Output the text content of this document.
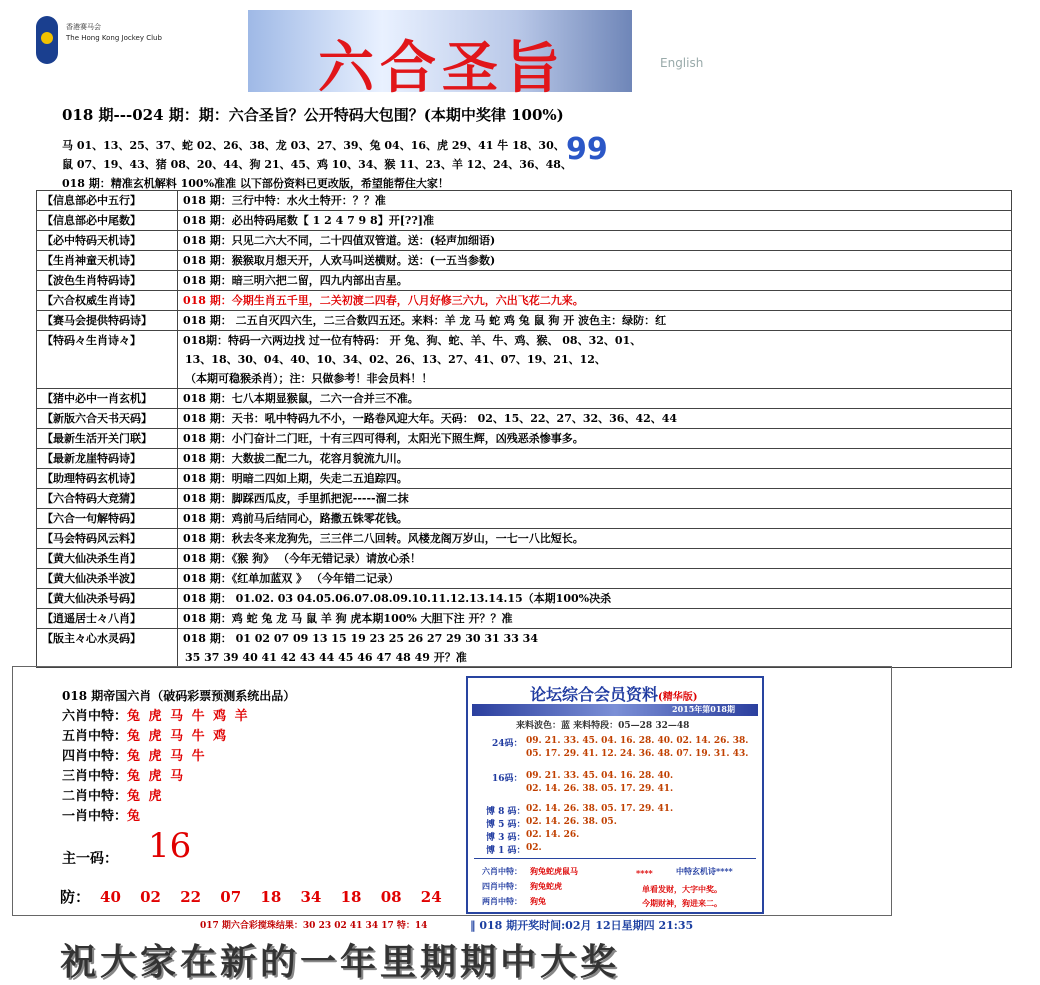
香港赛马会
The Hong Kong Jockey Club	六合圣旨	English
018 期---024 期：期：六合圣旨？公开特码大包围？(本期中奖律 100%)
马 01、13、25、37、蛇 02、26、38、龙 03、27、39、兔 04、16、虎 29、41 牛 18、30、
鼠 07、19、43、猪 08、20、44、狗 21、45、鸡 10、34、猴 11、23、羊 12、24、36、48、
99
018 期：精准玄机解料 100%准准 以下部份资料已更改版，希望能帮住大家！
【信息部必中五行】	018 期：三行中特：水火土特开：？？准

【信息部必中尾数】	018 期：必出特码尾数【 1 2 4 7 9 8】开[??]准

【必中特码天机诗】	018 期：只见二六大不同，二十四值双管道。送：(轻声加细语)

【生肖神童天机诗】	018 期：猴猴取月想天开，人欢马叫送横财。送：(一五当参数)

【波色生肖特码诗】	018 期：暗三明六把二留，四九内部出吉星。

【六合权威生肖诗】	018 期：今期生肖五千里，二关初渡二四春，八月好修三六九，六出飞花二九来。

【赛马会提供特码诗】	018 期： 二五自灭四六生，二三合数四五还。来料：羊 龙 马 蛇 鸡 兔 鼠 狗 开 波色主：绿防：红

【特码々生肖诗々】	018期：特码一六两边找 过一位有特码： 开 兔、狗、蛇、羊、牛、鸡、猴、 08、32、01、
13、18、30、04、40、10、34、02、26、13、27、41、07、19、21、12、
（本期可稳猴杀肖）；注：只做参考！非会员料！！

【猪中必中一肖玄机】	018 期：七八本期显猴鼠，二六一合并三不准。

【新版六合天书天码】	018 期：天书：吼中特码九不小，一路卷风迎大年。天码： 02、15、22、27、32、36、42、44

【最新生活开关门联】	018 期：小门奋计二门旺，十有三四可得利，太阳光下照生辉，凶残恶杀惨事多。

【最新龙崖特码诗】	018 期：大数拔二配二九，花容月貌流九川。

【助理特码玄机诗】	018 期：明暗二四如上期，失走二五追踪四。

【六合特码大竞猜】	018 期：脚踩西瓜皮，手里抓把泥-----溜二抹

【六合一句解特码】	018 期：鸡前马后结同心，路撒五铢零花钱。

【马会特码风云料】	018 期：秋去冬来龙狗先，三三伴二八回转。风楼龙阁万岁山，一七一八比短长。

【黄大仙决杀生肖】	018 期：《猴 狗》 （今年无错记录）请放心杀！

【黄大仙决杀半波】	018 期：《红单加蓝双 》 （今年错二记录）

【黄大仙决杀号码】	018 期： 01.02. 03 04.05.06.07.08.09.10.11.12.13.14.15（本期100%决杀

【逍遥居士々八肖】	018 期：鸡 蛇 兔 龙 马 鼠 羊 狗 虎本期100% 大胆下注 开？？准

【版主々心水灵码】	018 期： 01 02 07 09 13 15 19 23 25 26 27 29 30 31 33 34
35 37 39 40 41 42 43 44 45 46 47 48 49 开？准
018 期帝国六肖（破码彩票预测系统出品）
六肖中特：兔 虎 马 牛 鸡 羊
五肖中特：兔 虎 马 牛 鸡
四肖中特：兔 虎 马 牛
三肖中特：兔 虎 马
二肖中特：兔 虎
一肖中特：兔
主一码： 16
防： 40 02 22 07 18 34 18 08 24
017 期六合彩搅珠结果：30 23 02 41 34 17 特：14	‖ 018 期开奖时间:02月 12日星期四 21:35
论坛综合会员资料(精华版)
2015年第018期
来料波色：蓝 来料特段：05—28 32—48
24码： 09. 21. 33. 45. 04. 16. 28. 40. 02. 14. 26. 38.
05. 17. 29. 41. 12. 24. 36. 48. 07. 19. 31. 43.
16码： 09. 21. 33. 45. 04. 16. 28. 40.
02. 14. 26. 38. 05. 17. 29. 41.
博 8 码： 02. 14. 26. 38. 05. 17. 29. 41.
博 5 码： 02. 14. 26. 38. 05.
博 3 码： 02. 14. 26.
博 1 码： 02.
六肖中特： 狗兔蛇虎鼠马
四肖中特： 狗兔蛇虎
两肖中特： 狗兔
****	中特玄机诗****
单看发财，大字中奖。
今期财神，狗进来二。
祝大家在新的一年里期期中大奖
